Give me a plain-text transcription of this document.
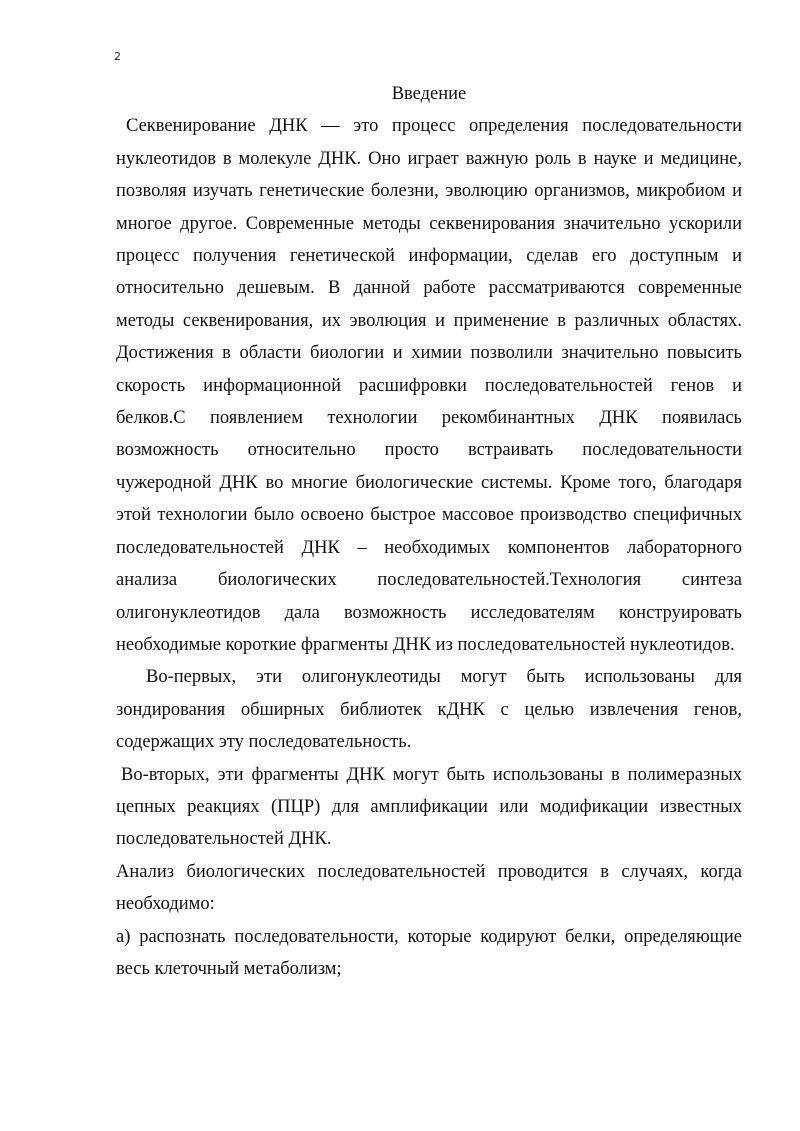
2

Введение

Секвенирование ДНК — это процесс определения последовательности нуклеотидов в молекуле ДНК. Оно играет важную роль в науке и медицине, позволяя изучать генетические болезни, эволюцию организмов, микробиом и многое другое. Современные методы секвенирования значительно ускорили процесс получения генетической информации, сделав его доступным и относительно дешевым. В данной работе рассматриваются современные методы секвенирования, их эволюция и применение в различных областях. Достижения в области биологии и химии позволили значительно повысить скорость информационной расшифровки последовательностей генов и белков.С появлением технологии рекомбинантных ДНК появилась возможность относительно просто встраивать последовательности чужеродной ДНК во многие биологические системы. Кроме того, благодаря этой технологии было освоено быстрое массовое производство специфичных последовательностей ДНК – необходимых компонентов лабораторного анализа биологических последовательностей.Технология синтеза олигонуклеотидов дала возможность исследователям конструировать необходимые короткие фрагменты ДНК из последовательностей нуклеотидов.

Во-первых, эти олигонуклеотиды могут быть использованы для зондирования обширных библиотек кДНК с целью извлечения генов, содержащих эту последовательность.

Во-вторых, эти фрагменты ДНК могут быть использованы в полимеразных цепных реакциях (ПЦР) для амплификации или модификации известных последовательностей ДНК.

Анализ биологических последовательностей проводится в случаях, когда необходимо:

а) распознать последовательности, которые кодируют белки, определяющие весь клеточный метаболизм;
